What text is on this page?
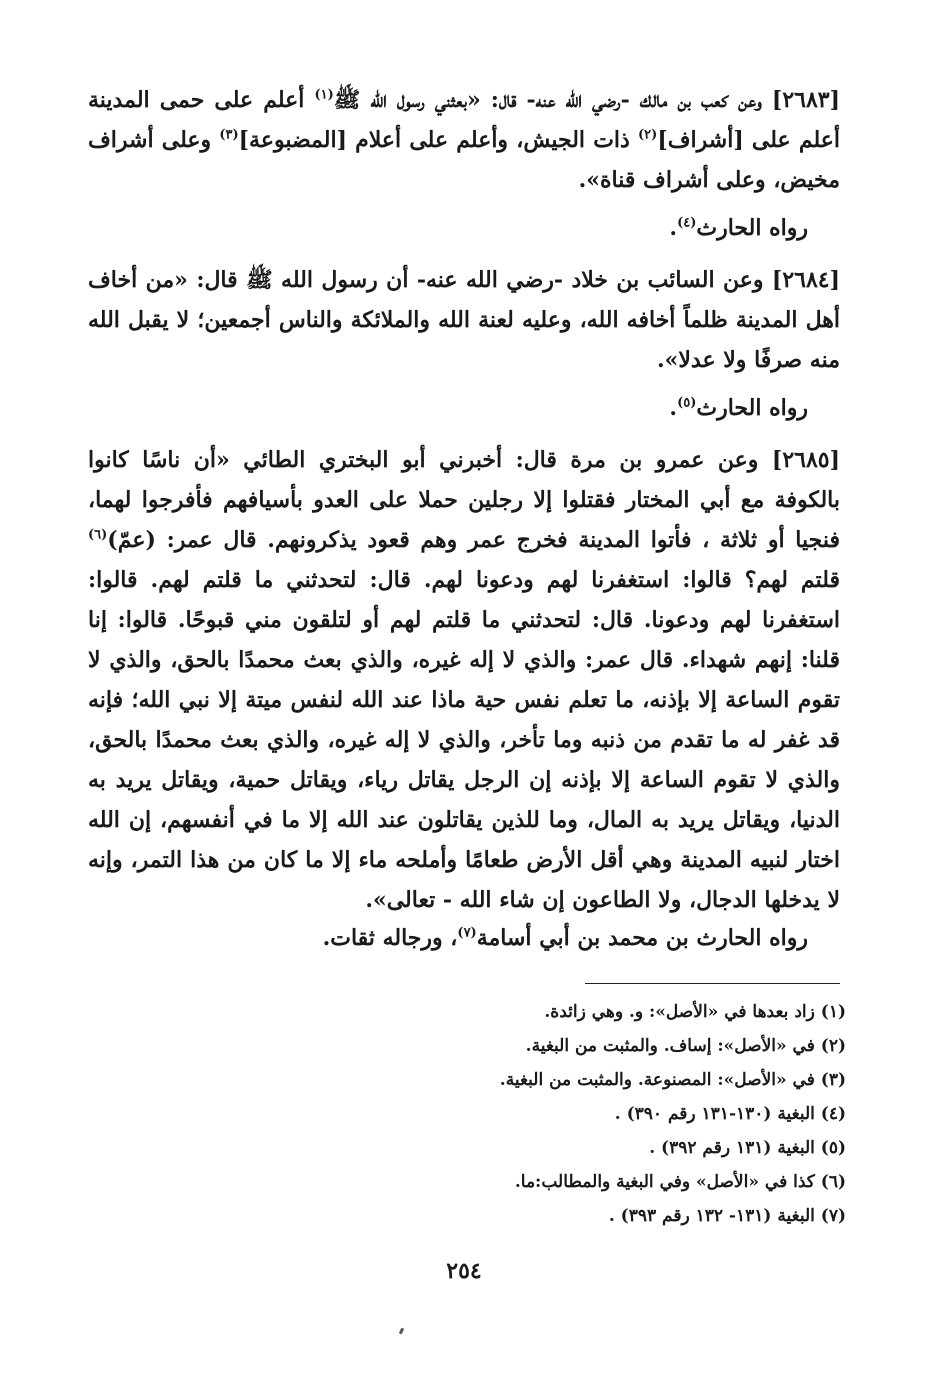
[٢٦٨٣] وعن كعب بن مالك -رضي الله عنه- قال: «بعثني رسول الله ﷺ$^{(١)}$ أعلم على حمى المدينة أعلم على [أشراف]$^{(٢)}$ ذات الجيش، وأعلم على أعلام [المضبوعة]$^{(٣)}$ وعلى أشراف مخيض، وعلى أشراف قناة».

رواه الحارث$^{(٤)}$.

[٢٦٨٤] وعن السائب بن خلاد -رضي الله عنه- أن رسول الله ﷺ قال: «من أخاف أهل المدينة ظلماً أخافه الله، وعليه لعنة الله والملائكة والناس أجمعين؛ لا يقبل الله منه صرفًا ولا عدلا».

رواه الحارث$^{(٥)}$.

[٢٦٨٥] وعن عمرو بن مرة قال: أخبرني أبو البختري الطائي «أن ناسًا كانوا بالكوفة مع أبي المختار فقتلوا إلا رجلين حملا على العدو بأسيافهم فأفرجوا لهما، فنجيا أو ثلاثة ، فأتوا المدينة فخرج عمر وهم قعود يذكرونهم. قال عمر: (عمّ)$^{(٦)}$ قلتم لهم؟ قالوا: استغفرنا لهم ودعونا لهم. قال: لتحدثني ما قلتم لهم. قالوا: استغفرنا لهم ودعونا. قال: لتحدثني ما قلتم لهم أو لتلقون مني قبوحًا. قالوا: إنا قلنا: إنهم شهداء. قال عمر: والذي لا إله غيره، والذي بعث محمدًا بالحق، والذي لا تقوم الساعة إلا بإذنه، ما تعلم نفس حية ماذا عند الله لنفس ميتة إلا نبي الله؛ فإنه قد غفر له ما تقدم من ذنبه وما تأخر، والذي لا إله غيره، والذي بعث محمدًا بالحق، والذي لا تقوم الساعة إلا بإذنه إن الرجل يقاتل رياء، ويقاتل حمية، ويقاتل يريد به الدنيا، ويقاتل يريد به المال، وما للذين يقاتلون عند الله إلا ما في أنفسهم، إن الله اختار لنبيه المدينة وهي أقل الأرض طعامًا وأملحه ماء إلا ما كان من هذا التمر، وإنه لا يدخلها الدجال، ولا الطاعون إن شاء الله - تعالى».

رواه الحارث بن محمد بن أبي أسامة$^{(٧)}$، ورجاله ثقات.
(١) زاد بعدها في «الأصل»: و. وهي زائدة.
(٢) في «الأصل»: إساف. والمثبت من البغية.
(٣) في «الأصل»: المصنوعة. والمثبت من البغية.
(٤) البغية (١٣٠-١٣١ رقم ٣٩٠) .
(٥) البغية (١٣١ رقم ٣٩٢) .
(٦) كذا في «الأصل» وفي البغية والمطالب:ما.
(٧) البغية (١٣١- ١٣٢ رقم ٣٩٣) .
٢٥٤
